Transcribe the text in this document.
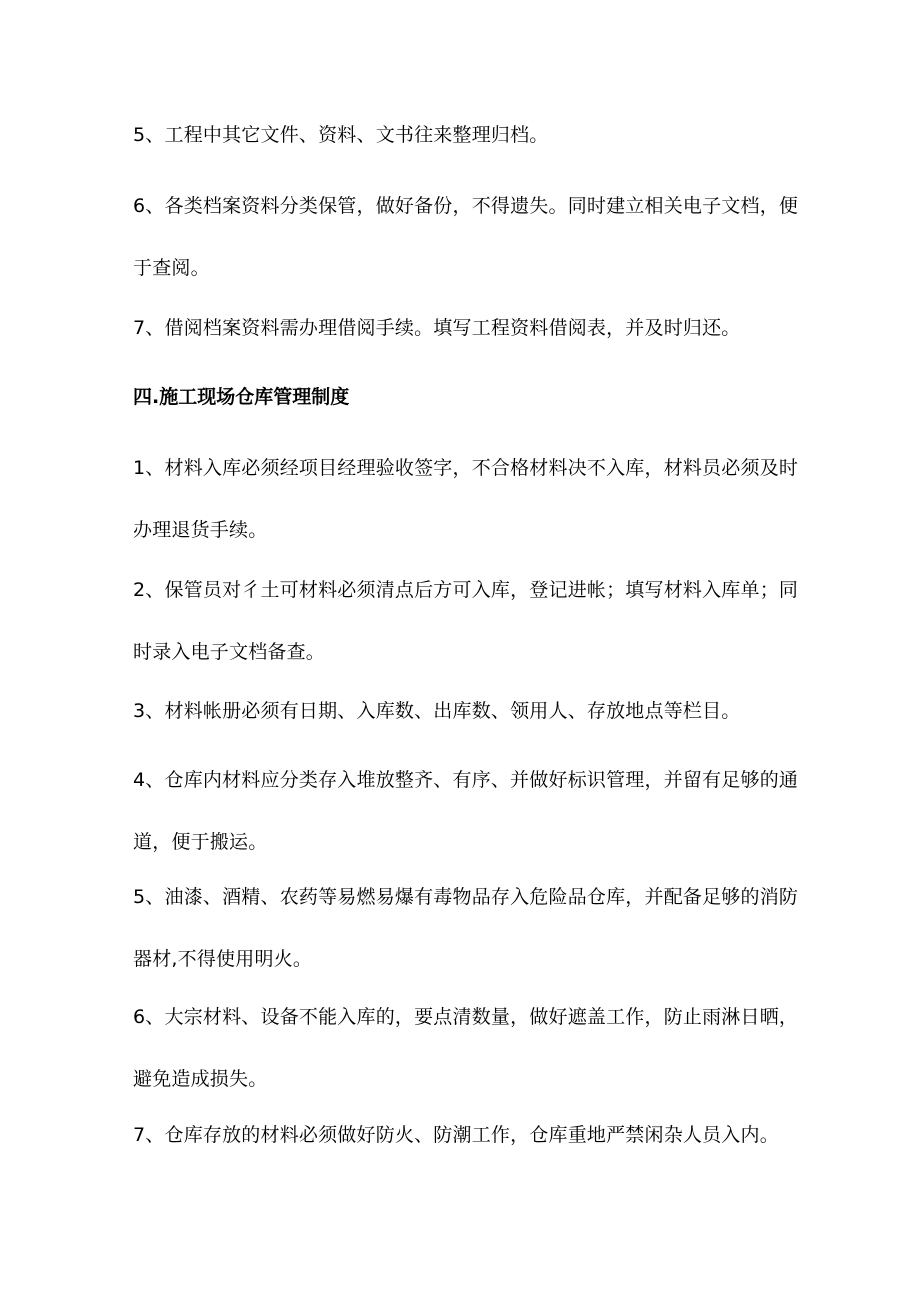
5、工程中其它文件、资料、文书往来整理归档。

6、各类档案资料分类保管，做好备份，不得遗失。同时建立相关电子文档，便于查阅。

7、借阅档案资料需办理借阅手续。填写工程资料借阅表，并及时归还。

四.施工现场仓库管理制度

1、材料入库必须经项目经理验收签字，不合格材料决不入库，材料员必须及时办理退货手续。

2、保管员对彳土可材料必须清点后方可入库，登记进帐；填写材料入库单；同时录入电子文档备查。

3、材料帐册必须有日期、入库数、出库数、领用人、存放地点等栏目。

4、仓库内材料应分类存入堆放整齐、有序、并做好标识管理，并留有足够的通道，便于搬运。

5、油漆、酒精、农药等易燃易爆有毒物品存入危险品仓库，并配备足够的消防器材,不得使用明火。

6、大宗材料、设备不能入库的，要点清数量，做好遮盖工作，防止雨淋日晒，避免造成损失。

7、仓库存放的材料必须做好防火、防潮工作，仓库重地严禁闲杂人员入内。
